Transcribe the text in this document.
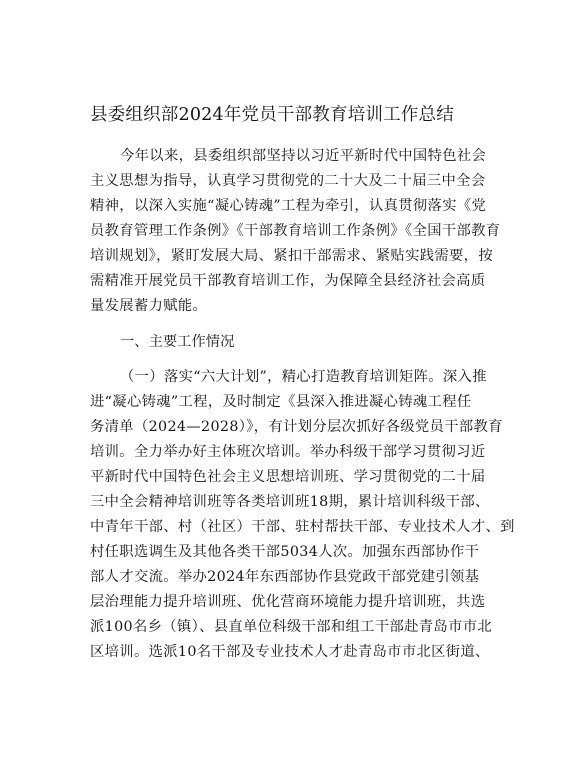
县委组织部2024年党员干部教育培训工作总结
今年以来，县委组织部坚持以习近平新时代中国特色社会
主义思想为指导，认真学习贯彻党的二十大及二十届三中全会
精神，以深入实施“凝心铸魂”工程为牵引，认真贯彻落实《党
员教育管理工作条例》《干部教育培训工作条例》《全国干部教育
培训规划》，紧盯发展大局、紧扣干部需求、紧贴实践需要，按
需精准开展党员干部教育培训工作，为保障全县经济社会高质
量发展蓄力赋能。
一、主要工作情况
（一）落实“六大计划”，精心打造教育培训矩阵。深入推
进“凝心铸魂”工程，及时制定《县深入推进凝心铸魂工程任
务清单（2024—2028）》，有计划分层次抓好各级党员干部教育
培训。全力举办好主体班次培训。举办科级干部学习贯彻习近
平新时代中国特色社会主义思想培训班、学习贯彻党的二十届
三中全会精神培训班等各类培训班18期，累计培训科级干部、
中青年干部、村（社区）干部、驻村帮扶干部、专业技术人才、到
村任职选调生及其他各类干部5034人次。加强东西部协作干
部人才交流。举办2024年东西部协作县党政干部党建引领基
层治理能力提升培训班、优化营商环境能力提升培训班，共选
派100名乡（镇）、县直单位科级干部和组工干部赴青岛市市北
区培训。选派10名干部及专业技术人才赴青岛市市北区街道、
